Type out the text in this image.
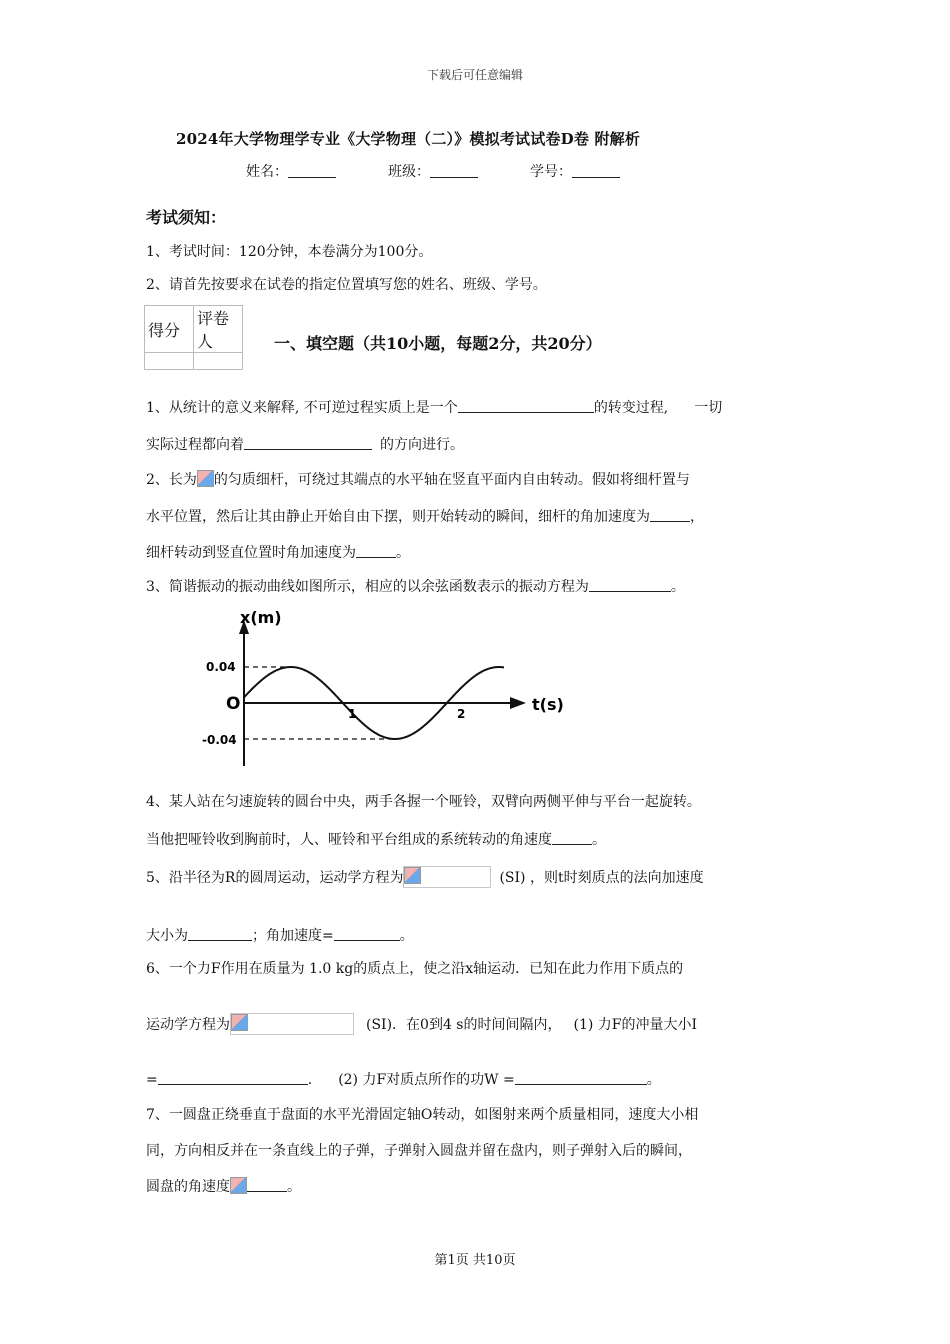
下载后可任意编辑
2024年大学物理学专业《大学物理（二）》模拟考试试卷D卷 附解析
姓名：	班级：	学号：
考试须知：
1、考试时间：120分钟，本卷满分为100分。
2、请首先按要求在试卷的指定位置填写您的姓名、班级、学号。
得分	评卷人
		一、填空题（共10小题，每题2分，共20分）
1、从统计的意义来解释, 不可逆过程实质上是一个	的转变过程, 一切
实际过程都向着	的方向进行。
2、长为 的匀质细杆，可绕过其端点的水平轴在竖直平面内自由转动。假如将细杆置与
水平位置，然后让其由静止开始自由下摆，则开始转动的瞬间，细杆的角加速度为	，
细杆转动到竖直位置时角加速度为	。
3、简谐振动的振动曲线如图所示，相应的以余弦函数表示的振动方程为	。
x(m)
t(s)
O
0.04
-0.04
1	2
4、某人站在匀速旋转的圆台中央，两手各握一个哑铃，双臂向两侧平伸与平台一起旋转。
当他把哑铃收到胸前时，人、哑铃和平台组成的系统转动的角速度	。
5、沿半径为R的圆周运动，运动学方程为	(SI) ，则t时刻质点的法向加速度
大小为	；角加速度=	。
6、一个力F作用在质量为 1.0 kg的质点上，使之沿x轴运动．已知在此力作用下质点的
运动学方程为	(SI)．在0到4 s的时间间隔内， (1) 力F的冲量大小I
=	. (2) 力F对质点所作的功W =	。
7、一圆盘正绕垂直于盘面的水平光滑固定轴O转动，如图射来两个质量相同，速度大小相
同，方向相反并在一条直线上的子弹，子弹射入圆盘并留在盘内，则子弹射入后的瞬间，
圆盘的角速度	。
第1页 共10页
